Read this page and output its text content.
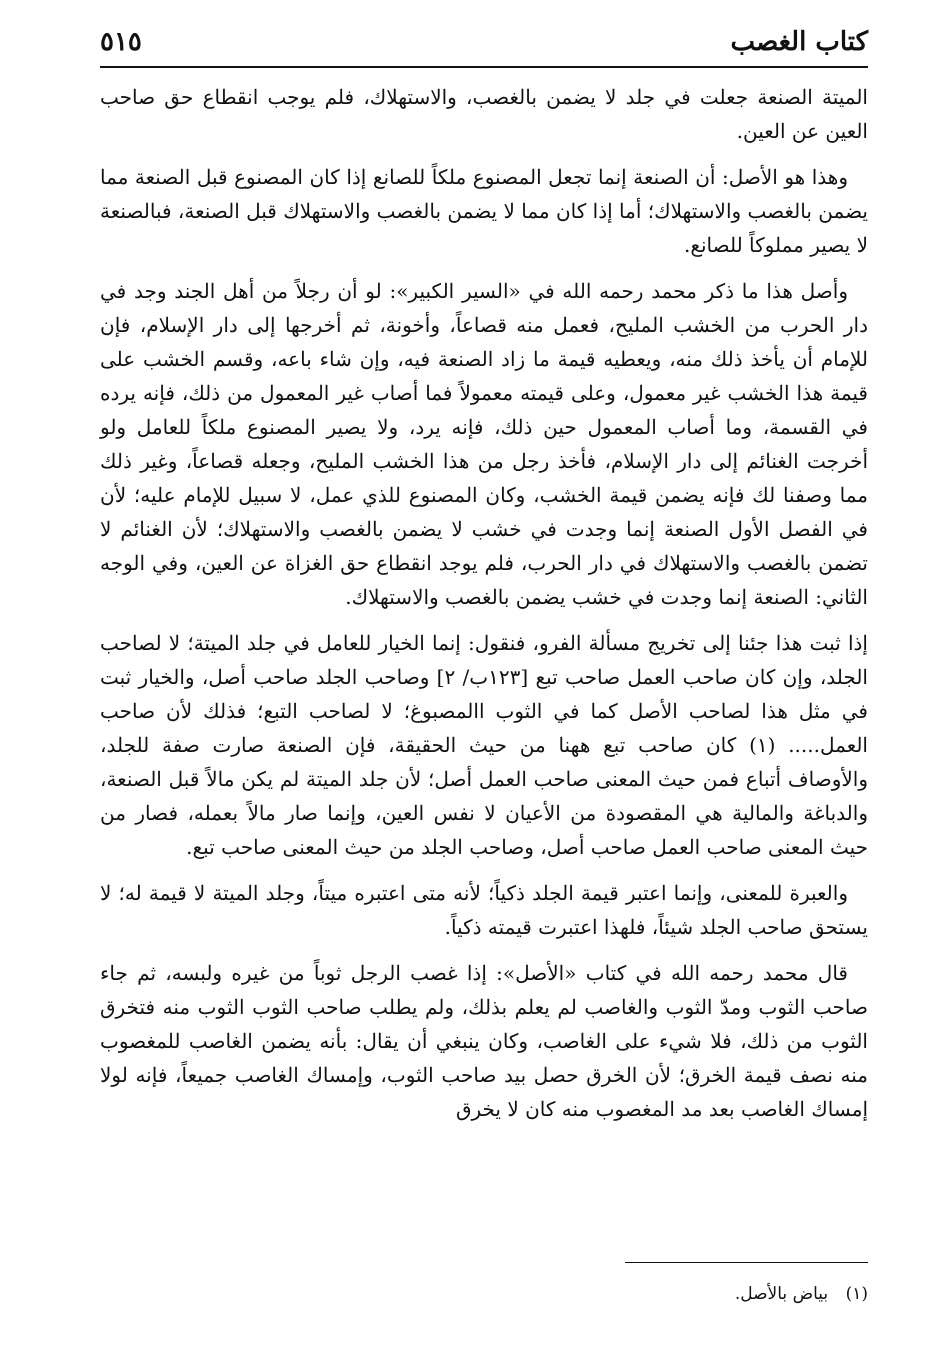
كتاب الغصب
٥١٥

الميتة الصنعة جعلت في جلد لا يضمن بالغصب، والاستهلاك، فلم يوجب انقطاع حق صاحب العين عن العين.

وهذا هو الأصل: أن الصنعة إنما تجعل المصنوع ملكاً للصانع إذا كان المصنوع قبل الصنعة مما يضمن بالغصب والاستهلاك؛ أما إذا كان مما لا يضمن بالغصب والاستهلاك قبل الصنعة، فبالصنعة لا يصير مملوكاً للصانع.

وأصل هذا ما ذكر محمد رحمه الله في «السير الكبير»: لو أن رجلاً من أهل الجند وجد في دار الحرب من الخشب المليح، فعمل منه قصاعاً، وأخونة، ثم أخرجها إلى دار الإسلام، فإن للإمام أن يأخذ ذلك منه، ويعطيه قيمة ما زاد الصنعة فيه، وإن شاء باعه، وقسم الخشب على قيمة هذا الخشب غير معمول، وعلى قيمته معمولاً فما أصاب غير المعمول من ذلك، فإنه يرده في القسمة، وما أصاب المعمول حين ذلك، فإنه يرد، ولا يصير المصنوع ملكاً للعامل ولو أخرجت الغنائم إلى دار الإسلام، فأخذ رجل من هذا الخشب المليح، وجعله قصاعاً، وغير ذلك مما وصفنا لك فإنه يضمن قيمة الخشب، وكان المصنوع للذي عمل، لا سبيل للإمام عليه؛ لأن في الفصل الأول الصنعة إنما وجدت في خشب لا يضمن بالغصب والاستهلاك؛ لأن الغنائم لا تضمن بالغصب والاستهلاك في دار الحرب، فلم يوجد انقطاع حق الغزاة عن العين، وفي الوجه الثاني: الصنعة إنما وجدت في خشب يضمن بالغصب والاستهلاك.

إذا ثبت هذا جئنا إلى تخريج مسألة الفرو، فنقول: إنما الخيار للعامل في جلد الميتة؛ لا لصاحب الجلد، وإن كان صاحب العمل صاحب تبع [١٢٣ب/ ٢] وصاحب الجلد صاحب أصل، والخيار ثبت في مثل هذا لصاحب الأصل كما في الثوب االمصبوغ؛ لا لصاحب التبع؛ فذلك لأن صاحب العمل..... (١) كان صاحب تبع ههنا من حيث الحقيقة، فإن الصنعة صارت صفة للجلد، والأوصاف أتباع فمن حيث المعنى صاحب العمل أصل؛ لأن جلد الميتة لم يكن مالاً قبل الصنعة، والدباغة والمالية هي المقصودة من الأعيان لا نفس العين، وإنما صار مالاً بعمله، فصار من حيث المعنى صاحب العمل صاحب أصل، وصاحب الجلد من حيث المعنى صاحب تبع.

والعبرة للمعنى، وإنما اعتبر قيمة الجلد ذكياً؛ لأنه متى اعتبره ميتاً، وجلد الميتة لا قيمة له؛ لا يستحق صاحب الجلد شيئاً، فلهذا اعتبرت قيمته ذكياً.

قال محمد رحمه الله في كتاب «الأصل»: إذا غصب الرجل ثوباً من غيره ولبسه، ثم جاء صاحب الثوب ومدّ الثوب والغاصب لم يعلم بذلك، ولم يطلب صاحب الثوب الثوب منه فتخرق الثوب من ذلك، فلا شيء على الغاصب، وكان ينبغي أن يقال: بأنه يضمن الغاصب للمغصوب منه نصف قيمة الخرق؛ لأن الخرق حصل بيد صاحب الثوب، وإمساك الغاصب جميعاً، فإنه لولا إمساك الغاصب بعد مد المغصوب منه كان لا يخرق

(١) بياض بالأصل.
